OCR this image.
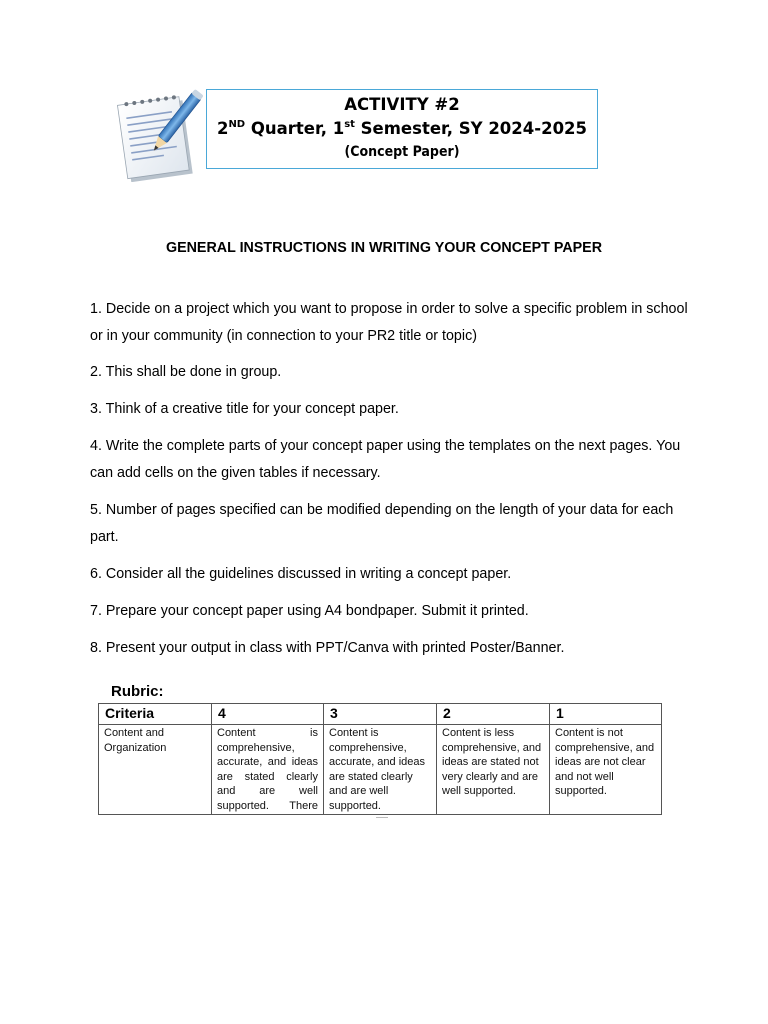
ACTIVITY #2
2ND Quarter, 1st Semester, SY 2024-2025
(Concept Paper)
GENERAL INSTRUCTIONS IN WRITING YOUR CONCEPT PAPER

1. Decide on a project which you want to propose in order to solve a specific problem in school or in your community (in connection to your PR2 title or topic)

2. This shall be done in group.

3. Think of a creative title for your concept paper.

4. Write the complete parts of your concept paper using the templates on the next pages. You can add cells on the given tables if necessary.

5. Number of pages specified can be modified depending on the length of your data for each part.

6. Consider all the guidelines discussed in writing a concept paper.

7. Prepare your concept paper using A4 bondpaper. Submit it printed.

8. Present your output in class with PPT/Canva with printed Poster/Banner.

Rubric:
Criteria	4	3	2	1
Content and Organization	Content is comprehensive, accurate, and ideas are stated clearly and are well supported. There	Content is comprehensive, accurate, and ideas are stated clearly and are well supported.	Content is less comprehensive, and ideas are stated not very clearly and are well supported.	Content is not comprehensive, and ideas are not clear and not well supported.
